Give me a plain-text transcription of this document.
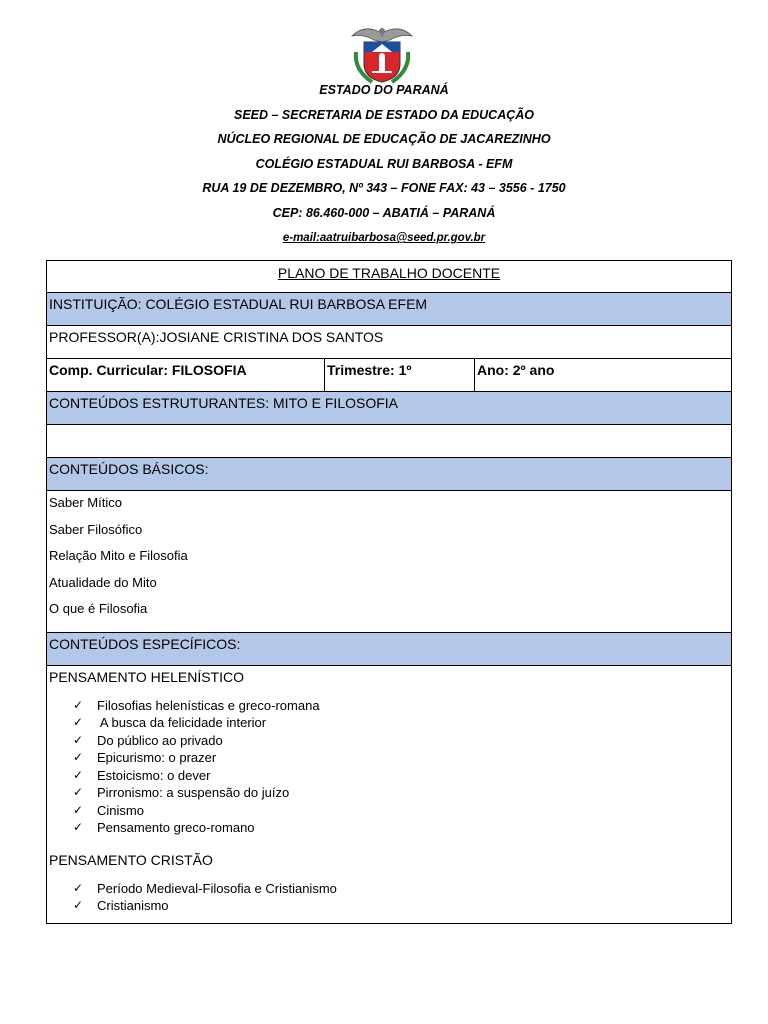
ESTADO DO PARANÁ
SEED – SECRETARIA DE ESTADO DA EDUCAÇÃO
NÚCLEO REGIONAL DE EDUCAÇÃO DE JACAREZINHO
COLÉGIO ESTADUAL RUI BARBOSA - EFM
RUA 19 DE DEZEMBRO, Nº 343 – FONE FAX: 43 – 3556 - 1750
CEP: 86.460-000 – ABATIÁ – PARANÁ
e-mail:aatruibarbosa@seed.pr.gov.br
PLANO DE TRABALHO DOCENTE

INSTITUIÇÃO: COLÉGIO ESTADUAL RUI BARBOSA EFEM

PROFESSOR(A):JOSIANE CRISTINA DOS SANTOS

Comp. Curricular: FILOSOFIA	Trimestre: 1º	Ano: 2º ano

CONTEÚDOS ESTRUTURANTES: MITO E FILOSOFIA

CONTEÚDOS BÁSICOS:

Saber Mítico
Saber Filosófico
Relação Mito e Filosofia
Atualidade do Mito
O que é Filosofia

CONTEÚDOS ESPECÍFICOS:

PENSAMENTO HELENÍSTICO
✓ Filosofias helenísticas e greco-romana
✓ A busca da felicidade interior
✓ Do público ao privado
✓ Epicurismo: o prazer
✓ Estoicismo: o dever
✓ Pirronismo: a suspensão do juízo
✓ Cinismo
✓ Pensamento greco-romano
PENSAMENTO CRISTÃO
✓ Período Medieval-Filosofia e Cristianismo
✓ Cristianismo
